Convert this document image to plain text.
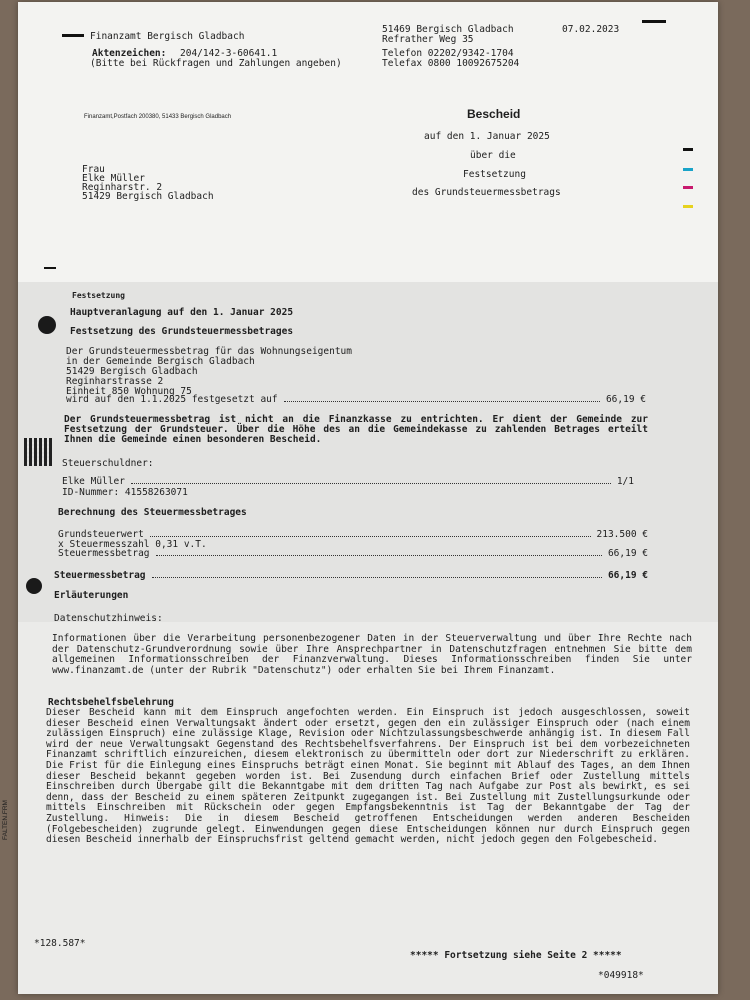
Finanzamt Bergisch Gladbach
51469 Bergisch Gladbach
Refrather Weg 35
07.02.2023
Aktenzeichen: 204/142-3-60641.1
(Bitte bei Rückfragen und Zahlungen angeben)
Telefon 02202/9342-1704
Telefax 0800 10092675204
Finanzamt,Postfach 200380, 51433 Bergisch Gladbach	Bescheid
auf den 1. Januar 2025
über die
Festsetzung
des Grundsteuermessbetrags
Frau
Elke Müller
Reginharstr. 2
51429 Bergisch Gladbach
Festsetzung
Hauptveranlagung auf den 1. Januar 2025
Festsetzung des Grundsteuermessbetrages
Der Grundsteuermessbetrag für das Wohnungseigentum
in der Gemeinde Bergisch Gladbach
51429 Bergisch Gladbach
Reginharstrasse 2
Einheit 850 Wohnung 75
wird auf den 1.1.2025 festgesetzt auf	66,19 €
Der Grundsteuermessbetrag ist nicht an die Finanzkasse zu entrichten. Er dient der Gemeinde zur Festsetzung der Grundsteuer. Über die Höhe des an die Gemeindekasse zu zahlenden Betrages erteilt Ihnen die Gemeinde einen besonderen Bescheid.
Steuerschuldner:
Elke Müller	1/1
ID-Nummer: 41558263071
Berechnung des Steuermessbetrages
Grundsteuerwert	213.500 €
x Steuermesszahl 0,31 v.T.
Steuermessbetrag	66,19 €
Steuermessbetrag	66,19 €
Erläuterungen
Datenschutzhinweis:
Informationen über die Verarbeitung personenbezogener Daten in der Steuerverwaltung und über Ihre Rechte nach der Datenschutz-Grundverordnung sowie über Ihre Ansprechpartner in Datenschutzfragen entnehmen Sie bitte dem allgemeinen Informationsschreiben der Finanzverwaltung. Dieses Informationsschreiben finden Sie unter www.finanzamt.de (unter der Rubrik "Datenschutz") oder erhalten Sie bei Ihrem Finanzamt.
Rechtsbehelfsbelehrung
Dieser Bescheid kann mit dem Einspruch angefochten werden. Ein Einspruch ist jedoch ausgeschlossen, soweit dieser Bescheid einen Verwaltungsakt ändert oder ersetzt, gegen den ein zulässiger Einspruch oder (nach einem zulässigen Einspruch) eine zulässige Klage, Revision oder Nichtzulassungsbeschwerde anhängig ist. In diesem Fall wird der neue Verwaltungsakt Gegenstand des Rechtsbehelfsverfahrens. Der Einspruch ist bei dem vorbezeichneten Finanzamt schriftlich einzureichen, diesem elektronisch zu übermitteln oder dort zur Niederschrift zu erklären. Die Frist für die Einlegung eines Einspruchs beträgt einen Monat. Sie beginnt mit Ablauf des Tages, an dem Ihnen dieser Bescheid bekannt gegeben worden ist. Bei Zusendung durch einfachen Brief oder Zustellung mittels Einschreiben durch Übergabe gilt die Bekanntgabe mit dem dritten Tag nach Aufgabe zur Post als bewirkt, es sei denn, dass der Bescheid zu einem späteren Zeitpunkt zugegangen ist. Bei Zustellung mit Zustellungsurkunde oder mittels Einschreiben mit Rückschein oder gegen Empfangsbekenntnis ist Tag der Bekanntgabe der Tag der Zustellung. Hinweis: Die in diesem Bescheid getroffenen Entscheidungen werden anderen Bescheiden (Folgebescheiden) zugrunde gelegt. Einwendungen gegen diese Entscheidungen können nur durch Einspruch gegen diesen Bescheid innerhalb der Einspruchsfrist geltend gemacht werden, nicht jedoch gegen den Folgebescheid.
*128.587*
***** Fortsetzung siehe Seite 2 *****
*049918*
FALTEN.FRM
